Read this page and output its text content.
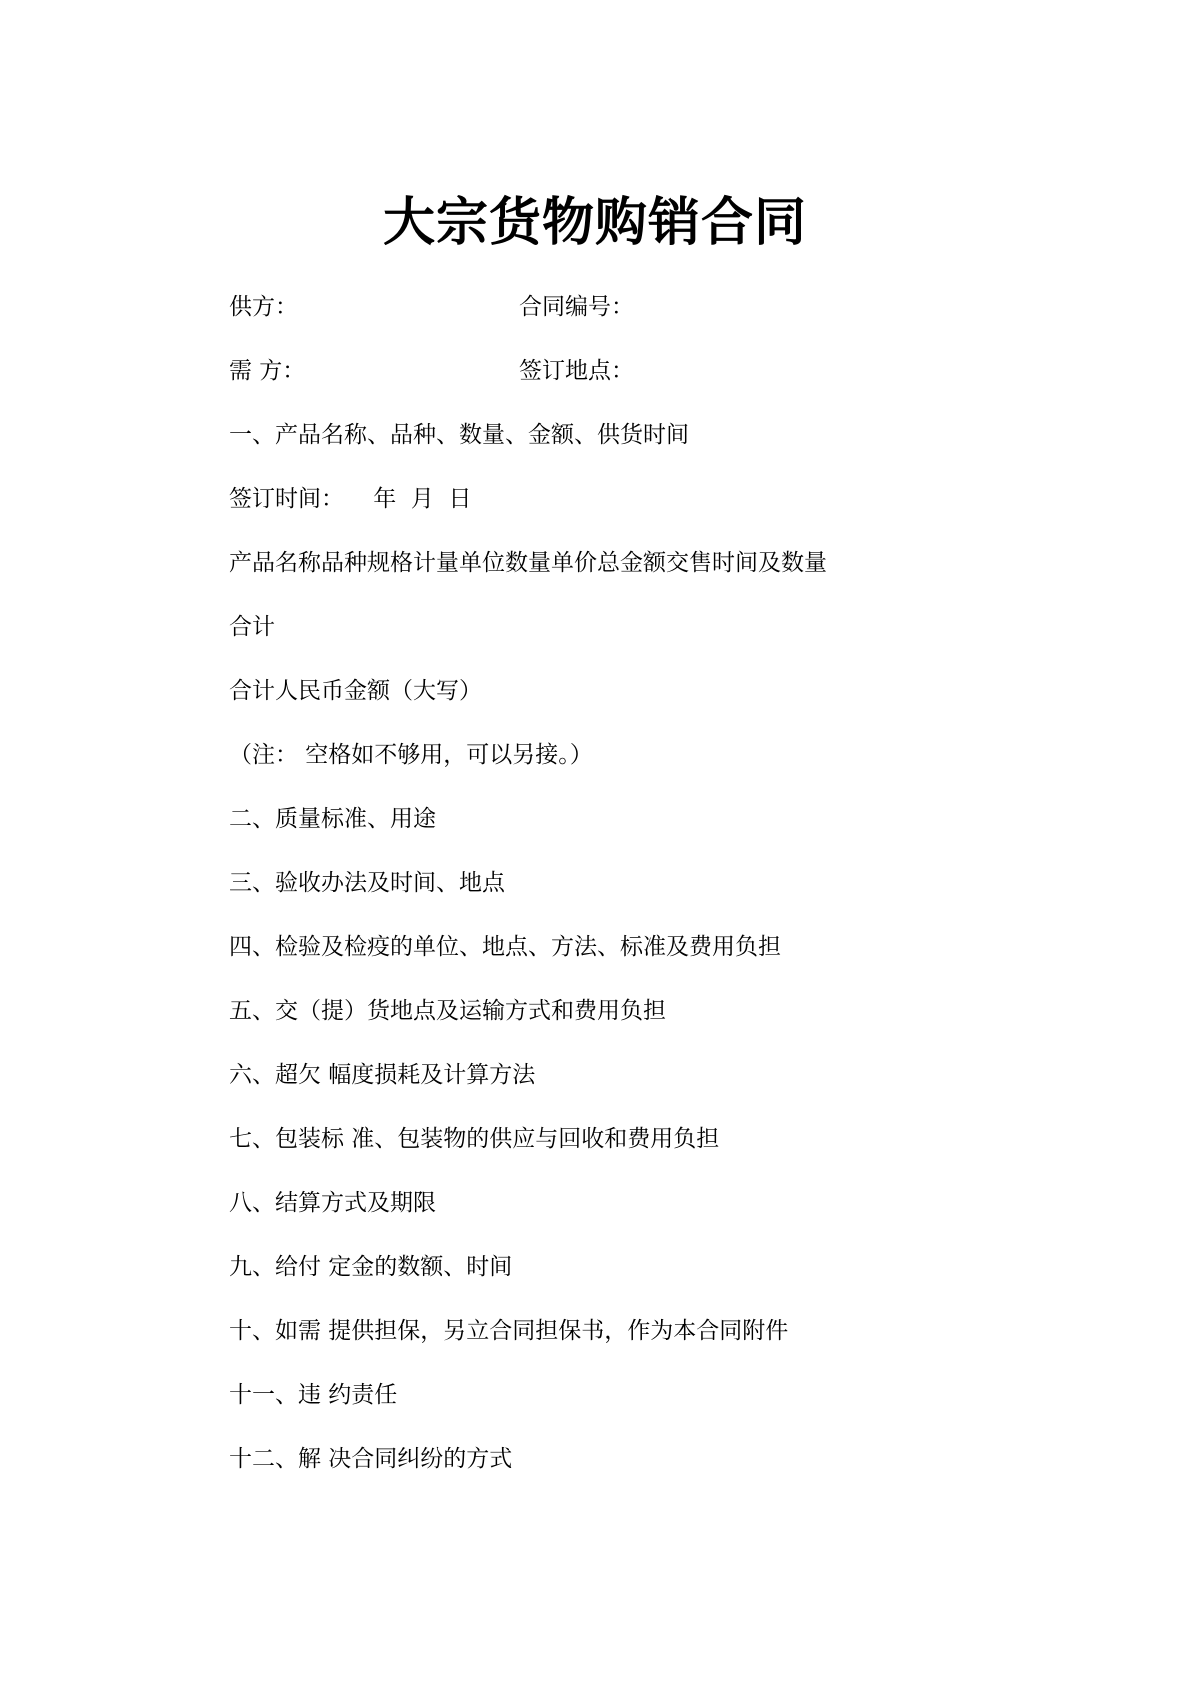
大宗货物购销合同
供方：	合同编号：
需 方：	签订地点：
一、产品名称、品种、数量、金额、供货时间
签订时间：    年  月  日
产品名称品种规格计量单位数量单价总金额交售时间及数量
合计
合计人民币金额（大写）
（注： 空格如不够用，可以另接。）
二、质量标准、用途
三、验收办法及时间、地点
四、检验及检疫的单位、地点、方法、标准及费用负担
五、交（提）货地点及运输方式和费用负担
六、超欠 幅度损耗及计算方法
七、包装标 准、包装物的供应与回收和费用负担
八、结算方式及期限
九、给付 定金的数额、时间
十、如需 提供担保，另立合同担保书，作为本合同附件
十一、违 约责任
十二、解 决合同纠纷的方式
